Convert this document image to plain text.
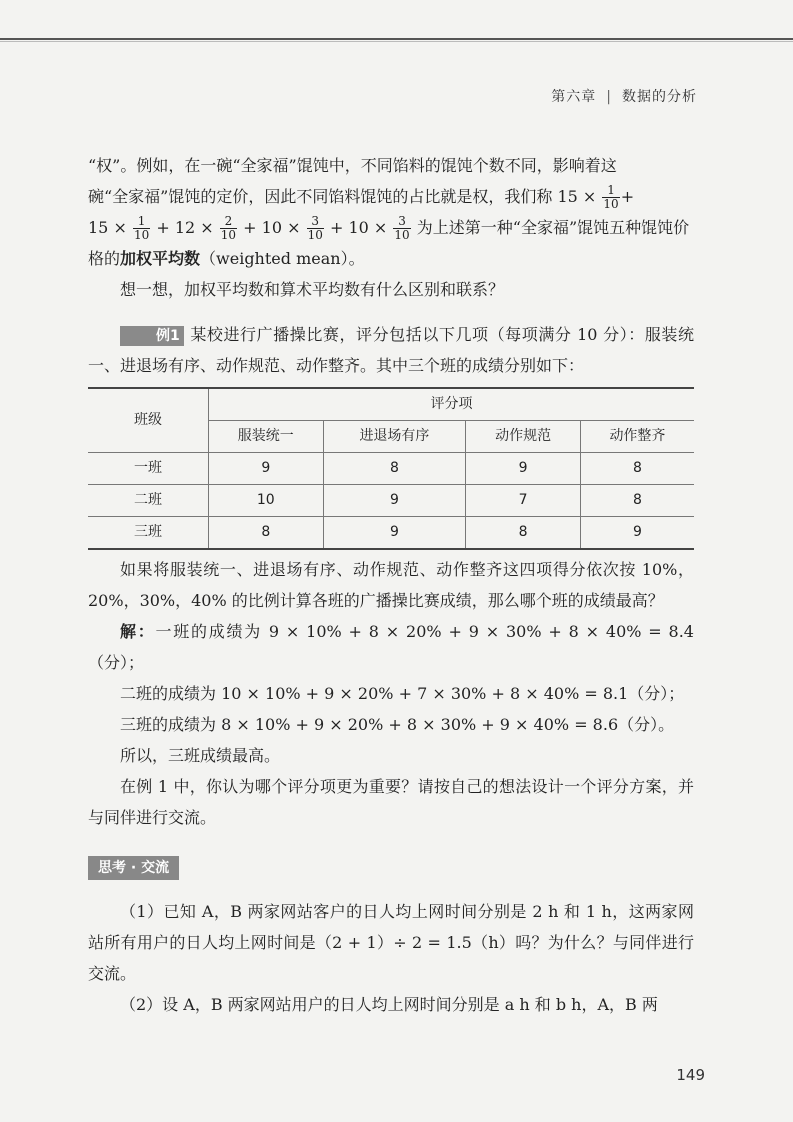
第六章 | 数据的分析

“权”。例如，在一碗“全家福”馄饨中，不同馅料的馄饨个数不同，影响着这
碗“全家福”馄饨的定价，因此不同馅料馄饨的占比就是权，我们称 $15 \times \frac{1}{10}$ +
$15 \times \frac{1}{10} + 12 \times \frac{2}{10} + 10 \times \frac{3}{10} + 10 \times \frac{3}{10}$ 为上述第一种“全家福”馄饨五种馄饨价
格的加权平均数（weighted mean）。

想一想，加权平均数和算术平均数有什么区别和联系？

例1 某校进行广播操比赛，评分包括以下几项（每项满分 10 分）：服装统一、进退场有序、动作规范、动作整齐。其中三个班的成绩分别如下：

班级	评分项			
	服装统一	进退场有序	动作规范	动作整齐
一班	9	8	9	8
二班	10	9	7	8
三班	8	9	8	9

如果将服装统一、进退场有序、动作规范、动作整齐这四项得分依次按 10%，20%，30%，40% 的比例计算各班的广播操比赛成绩，那么哪个班的成绩最高？

解：一班的成绩为 9 × 10% + 8 × 20% + 9 × 30% + 8 × 40% = 8.4（分）；

二班的成绩为 10 × 10% + 9 × 20% + 7 × 30% + 8 × 40% = 8.1（分）；

三班的成绩为 8 × 10% + 9 × 20% + 8 × 30% + 9 × 40% = 8.6（分）。

所以，三班成绩最高。

在例 1 中，你认为哪个评分项更为重要？请按自己的想法设计一个评分方案，并与同伴进行交流。

思考 · 交流

（1）已知 A，B 两家网站客户的日人均上网时间分别是 2 h 和 1 h，这两家网站所有用户的日人均上网时间是（2 + 1）÷ 2 = 1.5（h）吗？为什么？与同伴进行交流。

（2）设 A，B 两家网站用户的日人均上网时间分别是 a h 和 b h，A，B 两

149
